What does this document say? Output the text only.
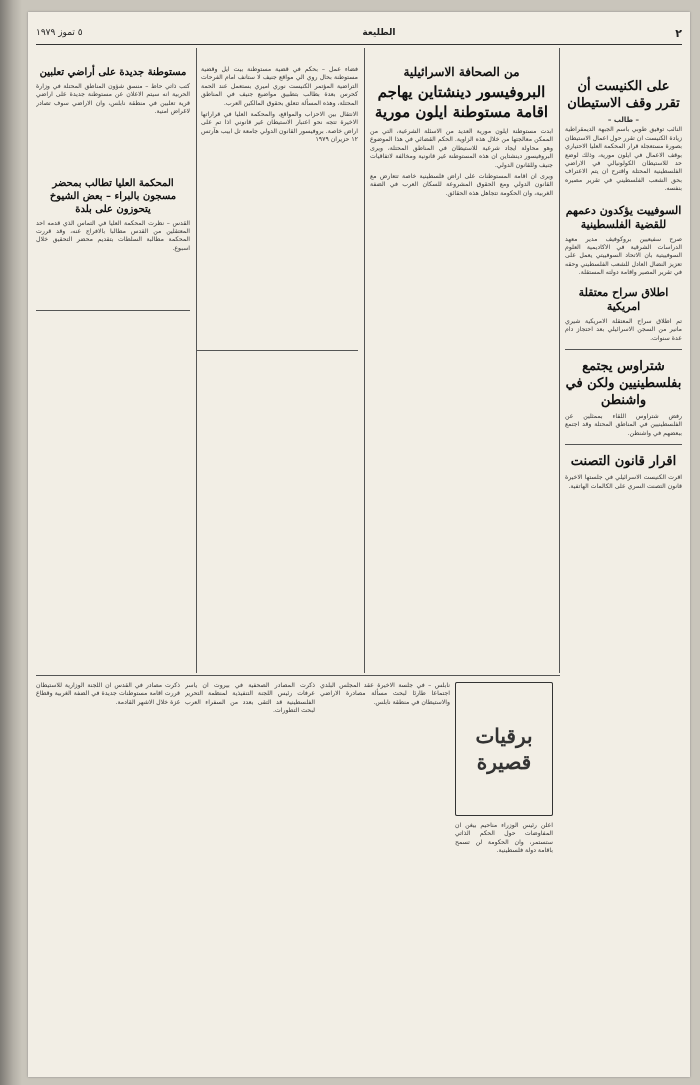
٢
الطليعة
٥ تموز ١٩٧٩
على الكنيست أن تقرر وقف الاستيطان
– طالب –

النائب توفيق طوبي باسم الجبهة الديمقراطية زيادة الكنيست ان تقرر حول اعمال الاستيطان بصورة مستعجلة قرار المحكمة العليا الاحتياري بوقف الاعمال في ايلون مورية، وذلك لوضع حد للاستيطان الكولونيالي في الاراضي الفلسطينية المحتلة واقترح ان يتم الاعتراف بحق الشعب الفلسطيني في تقرير مصيره بنفسه.

السوفييت يؤكدون دعمهم للقضية الفلسطينية

صرح سفيعيين بروكوفيف مدير معهد الدراسات الشرقية في الاكاديمية العلوم السوفييتية بان الاتحاد السوفييتي يعمل على تعزيز النضال العادل للشعب الفلسطيني وحقه في تقرير المصير واقامة دولته المستقلة.

اطلاق سراح معتقلة امريكية

تم اطلاق سراح المعتقلة الامريكية شيري مانير من السجن الاسرائيلي بعد احتجاز دام عدة سنوات.

شتراوس يجتمع بفلسطينيين ولكن في واشنطن

رفض شتراوس اللقاء بممثلين عن الفلسطينيين في المناطق المحتلة وقد اجتمع ببعضهم في واشنطن.

اقرار قانون التصنت

اقرت الكنيست الاسرائيلي في جلستها الاخيرة قانون التصنت السري على الكالمات الهاتفية.

من الصحافة الاسرائيلية
البروفيسور دينشتاين يهاجم اقامة مستوطنة ايلون مورية

ابدت مستوطنة ايلون مورية العديد من الاسئلة الشرعية، التي من الممكن معالجتها من خلال هذه الزاوية. الحكم القضائي في هذا الموضوع وهو محاولة ايجاد شرعية للاستيطان في المناطق المحتلة، ويرى البروفيسور دينشتاين ان هذه المستوطنة غير قانونية ومخالفة لاتفاقيات جنيف وللقانون الدولي.

ويرى ان اقامة المستوطنات على اراض فلسطينية خاصة تتعارض مع القانون الدولي ومع الحقوق المشروعة للسكان العرب في الضفة الغربية، وان الحكومة تتجاهل هذه الحقائق.

فضاء عمل – بحكم في قضية مستوطنة بيت ايل وقضية مستوطنة بحال روي الي مواقع جنيف لا ستانف امام الفرحات التراضية المؤتمر الكنيست نوري اميري بستعمل عند الحمة كحرس بعدة بطالب بتطبيق مواضيع جنيف في المناطق المحتلة، وهذه المسألة تتعلق بحقوق المالكين العرب.

الانتقال بين الاحزاب والمواقع، والمحكمة العليا في قراراتها الاخيرة تتجه نحو اعتبار الاستيطان غير قانوني اذا تم على اراض خاصة. بروفيسور القانون الدولي جامعة تل ابيب هآرتس ١٢ حزيران ١٩٧٩

مستوطنة جديدة على أراضي تعلبين

كتب ذاتي حاط – منسق شؤون المناطق المحتلة في وزارة الحربية انه سيتم الاعلان عن مستوطنة جديدة على اراضي قرية تعلبين في منطقة نابلس، وان الاراضي سوف تصادر لاغراض امنية.

المحكمة العليا تطالب بمحضر مسجون بالبراء – بعض الشيوخ يتحوزون على بلدة

القدس – نظرت المحكمة العليا في التماس الذي قدمه احد المعتقلين من القدس مطالبا بالافراج عنه، وقد قررت المحكمة مطالبة السلطات بتقديم محضر التحقيق خلال اسبوع.

برقيات قصيرة

اعلن رئيس الوزراء مناحيم بيغن ان المفاوضات حول الحكم الذاتي ستستمر، وان الحكومة لن تسمح باقامة دولة فلسطينية.

نابلس – في جلسة الاخيرة عقد المجلس البلدي اجتماعا طارئا لبحث مسألة مصادرة الاراضي والاستيطان في منطقة نابلس.

ذكرت المصادر الصحفية في بيروت ان ياسر عرفات رئيس اللجنة التنفيذية لمنظمة التحرير الفلسطينية قد التقى بعدد من السفراء العرب لبحث التطورات.

ذكرت مصادر في القدس ان اللجنة الوزارية للاستيطان قررت اقامة مستوطنات جديدة في الضفة الغربية وقطاع غزة خلال الاشهر القادمة.
